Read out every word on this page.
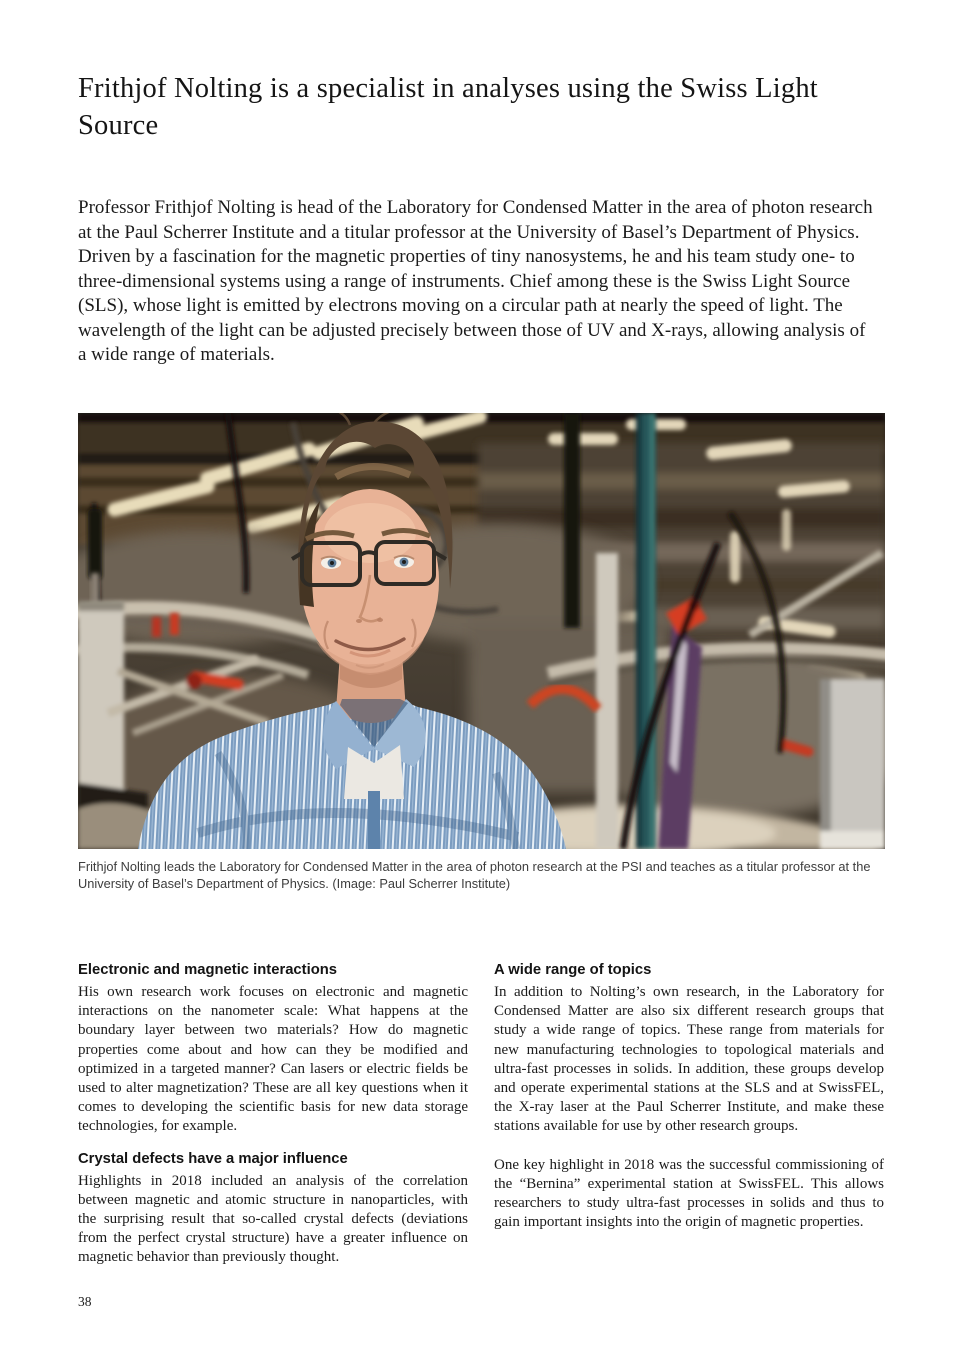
Frithjof Nolting is a specialist in analyses using the Swiss Light Source

Professor Frithjof Nolting is head of the Laboratory for Condensed Matter in the area of photon research at the Paul Scherrer Institute and a titular professor at the University of Basel’s Department of Physics. Driven by a fascination for the magnetic properties of tiny nanosystems, he and his team study one- to three-dimensional systems using a range of instruments. Chief among these is the Swiss Light Source (SLS), whose light is emitted by electrons moving on a circular path at nearly the speed of light. The wavelength of the light can be adjusted precisely between those of UV and X-rays, allowing analysis of a wide range of materials.

Frithjof Nolting leads the Laboratory for Condensed Matter in the area of photon research at the PSI and teaches as a titular professor at the University of Basel’s Department of Physics. (Image: Paul Scherrer Institute)
Electronic and magnetic interactions

His own research work focuses on electronic and magnetic interactions on the nanometer scale: What happens at the boundary layer between two materials? How do magnetic properties come about and how can they be modified and optimized in a targeted manner? Can lasers or electric fields be used to alter magnetization? These are all key questions when it comes to developing the scientific basis for new data storage technologies, for example.

Crystal defects have a major influence

Highlights in 2018 included an analysis of the correlation between magnetic and atomic structure in nanoparticles, with the surprising result that so-called crystal defects (deviations from the perfect crystal structure) have a greater influence on magnetic behavior than previously thought.

A wide range of topics

In addition to Nolting’s own research, in the Laboratory for Condensed Matter are also six different research groups that study a wide range of topics. These range from materials for new manufacturing technologies to topological materials and ultra-fast processes in solids. In addition, these groups develop and operate experimental stations at the SLS and at SwissFEL, the X-ray laser at the Paul Scherrer Institute, and make these stations available for use by other research groups.

One key highlight in 2018 was the successful commissioning of the “Bernina” experimental station at SwissFEL. This allows researchers to study ultra-fast processes in solids and thus to gain important insights into the origin of magnetic properties.

38
